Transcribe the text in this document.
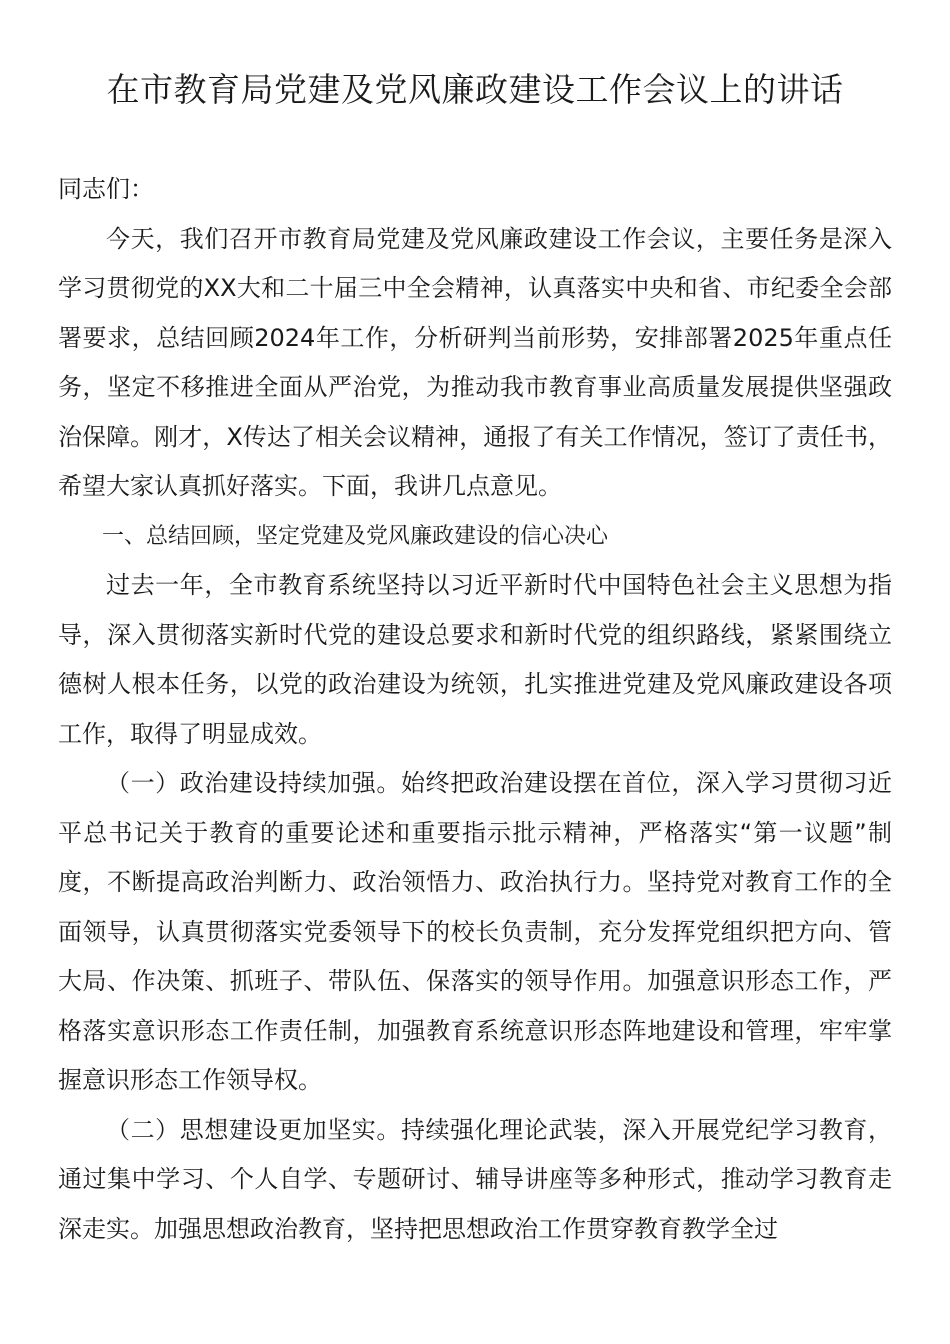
在市教育局党建及党风廉政建设工作会议上的讲话

同志们：

今天，我们召开市教育局党建及党风廉政建设工作会议，主要任务是深入学习贯彻党的XX大和二十届三中全会精神，认真落实中央和省、市纪委全会部署要求，总结回顾2024年工作，分析研判当前形势，安排部署2025年重点任务，坚定不移推进全面从严治党，为推动我市教育事业高质量发展提供坚强政治保障。刚才，X传达了相关会议精神，通报了有关工作情况，签订了责任书，希望大家认真抓好落实。下面，我讲几点意见。

一、总结回顾，坚定党建及党风廉政建设的信心决心

过去一年，全市教育系统坚持以习近平新时代中国特色社会主义思想为指导，深入贯彻落实新时代党的建设总要求和新时代党的组织路线，紧紧围绕立德树人根本任务，以党的政治建设为统领，扎实推进党建及党风廉政建设各项工作，取得了明显成效。

（一）政治建设持续加强。始终把政治建设摆在首位，深入学习贯彻习近平总书记关于教育的重要论述和重要指示批示精神，严格落实“第一议题”制度，不断提高政治判断力、政治领悟力、政治执行力。坚持党对教育工作的全面领导，认真贯彻落实党委领导下的校长负责制，充分发挥党组织把方向、管大局、作决策、抓班子、带队伍、保落实的领导作用。加强意识形态工作，严格落实意识形态工作责任制，加强教育系统意识形态阵地建设和管理，牢牢掌握意识形态工作领导权。

（二）思想建设更加坚实。持续强化理论武装，深入开展党纪学习教育，通过集中学习、个人自学、专题研讨、辅导讲座等多种形式，推动学习教育走深走实。加强思想政治教育，坚持把思想政治工作贯穿教育教学全过
